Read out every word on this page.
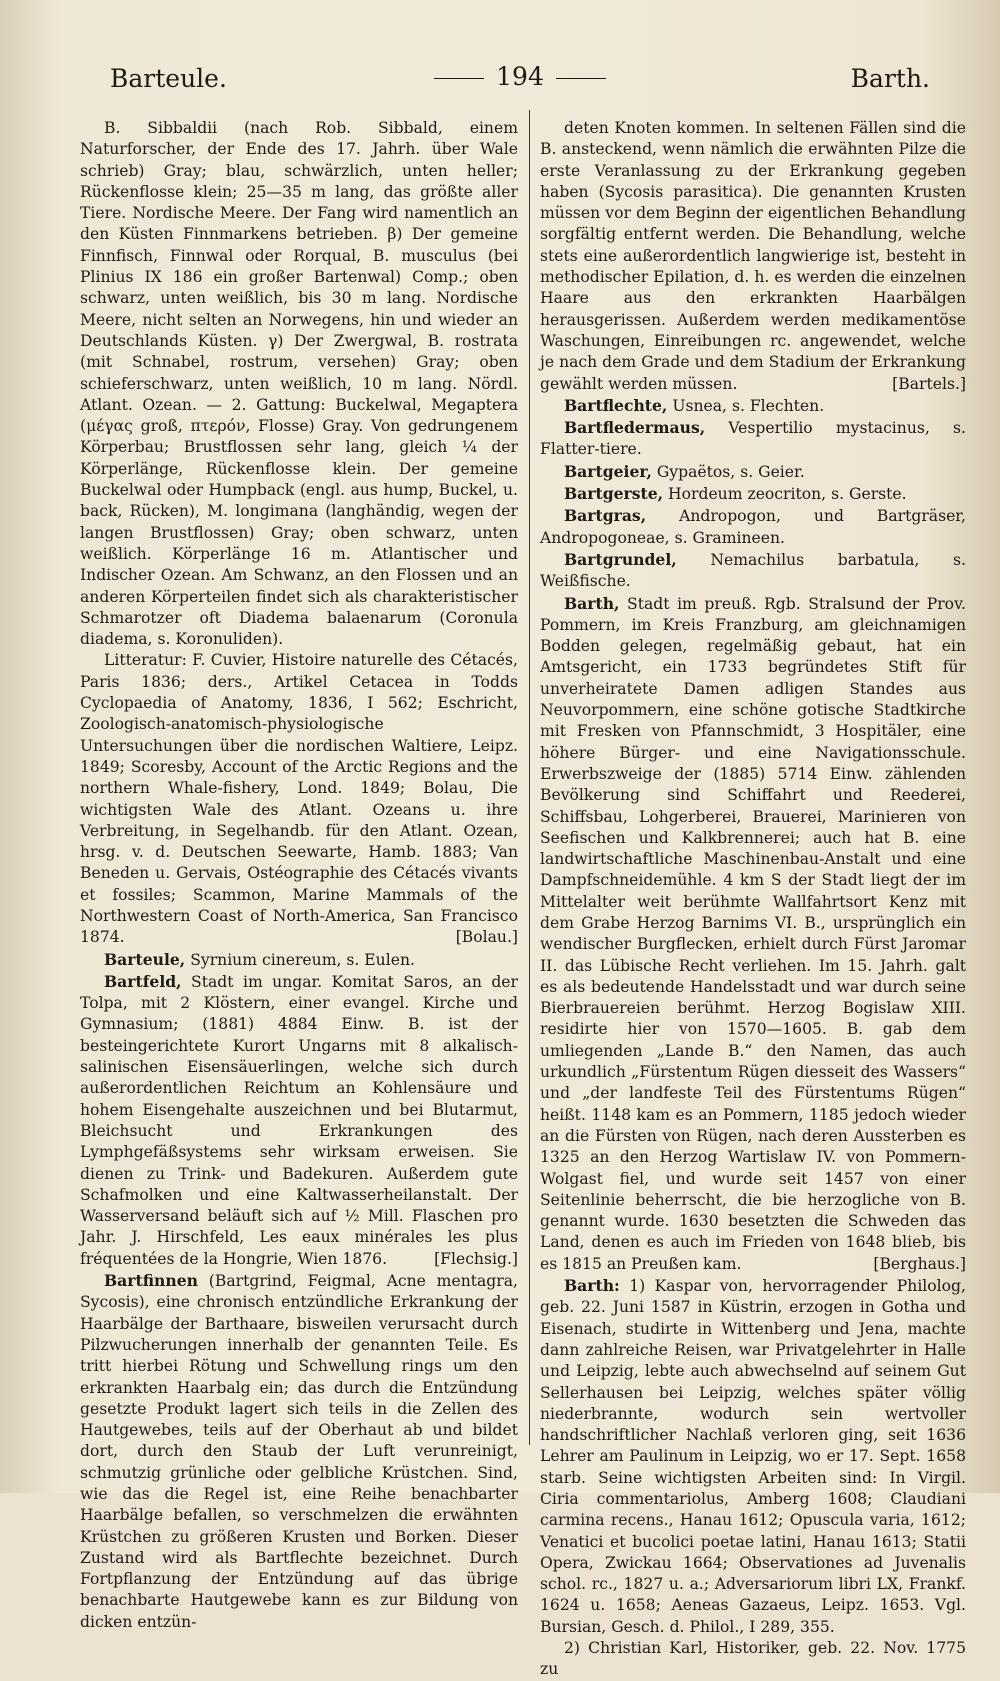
194
Barteule.	Barth.

B. Sibbaldii (nach Rob. Sibbald, einem Naturforscher, der Ende des 17. Jahrh. über Wale schrieb) Gray; blau, schwärzlich, unten heller; Rückenflosse klein; 25—35 m lang, das größte aller Tiere. Nordische Meere. Der Fang wird namentlich an den Küsten Finnmarkens betrieben. β) Der gemeine Finnfisch, Finnwal oder Rorqual, B. musculus (bei Plinius IX 186 ein großer Bartenwal) Comp.; oben schwarz, unten weißlich, bis 30 m lang. Nordische Meere, nicht selten an Norwegens, hin und wieder an Deutschlands Küsten. γ) Der Zwergwal, B. rostrata (mit Schnabel, rostrum, versehen) Gray; oben schieferschwarz, unten weißlich, 10 m lang. Nördl. Atlant. Ozean. — 2. Gattung: Buckelwal, Megaptera (μέγας groß, πτερόν, Flosse) Gray. Von gedrungenem Körperbau; Brustflossen sehr lang, gleich ¼ der Körperlänge, Rückenflosse klein. Der gemeine Buckelwal oder Humpback (engl. aus hump, Buckel, u. back, Rücken), M. longimana (langhändig, wegen der langen Brustflossen) Gray; oben schwarz, unten weißlich. Körperlänge 16 m. Atlantischer und Indischer Ozean. Am Schwanz, an den Flossen und an anderen Körperteilen findet sich als charakteristischer Schmarotzer oft Diadema balaenarum (Coronula diadema, s. Koronuliden).

Litteratur: F. Cuvier, Histoire naturelle des Cétacés, Paris 1836; ders., Artikel Cetacea in Todds Cyclopaedia of Anatomy, 1836, I 562; Eschricht, Zoologisch-anatomisch-physiologische Untersuchungen über die nordischen Waltiere, Leipz. 1849; Scoresby, Account of the Arctic Regions and the northern Whale-fishery, Lond. 1849; Bolau, Die wichtigsten Wale des Atlant. Ozeans u. ihre Verbreitung, in Segelhandb. für den Atlant. Ozean, hrsg. v. d. Deutschen Seewarte, Hamb. 1883; Van Beneden u. Gervais, Ostéographie des Cétacés vivants et fossiles; Scammon, Marine Mammals of the Northwestern Coast of North-America, San Francisco 1874.	[Bolau.]

Barteule, Syrnium cinereum, s. Eulen.

Bartfeld, Stadt im ungar. Komitat Saros, an der Tolpa, mit 2 Klöstern, einer evangel. Kirche und Gymnasium; (1881) 4884 Einw. B. ist der besteingerichtete Kurort Ungarns mit 8 alkalisch-salinischen Eisensäuerlingen, welche sich durch außerordentlichen Reichtum an Kohlensäure und hohem Eisengehalte auszeichnen und bei Blutarmut, Bleichsucht und Erkrankungen des Lymphgefäßsystems sehr wirksam erweisen. Sie dienen zu Trink- und Badekuren. Außerdem gute Schafmolken und eine Kaltwasserheilanstalt. Der Wasserversand beläuft sich auf ½ Mill. Flaschen pro Jahr. J. Hirschfeld, Les eaux minérales les plus fréquentées de la Hongrie, Wien 1876.	[Flechsig.]

Bartfinnen (Bartgrind, Feigmal, Acne mentagra, Sycosis), eine chronisch entzündliche Erkrankung der Haarbälge der Barthaare, bisweilen verursacht durch Pilzwucherungen innerhalb der genannten Teile. Es tritt hierbei Rötung und Schwellung rings um den erkrankten Haarbalg ein; das durch die Entzündung gesetzte Produkt lagert sich teils in die Zellen des Hautgewebes, teils auf der Oberhaut ab und bildet dort, durch den Staub der Luft verunreinigt, schmutzig grünliche oder gelbliche Krüstchen. Sind, wie das die Regel ist, eine Reihe benachbarter Haarbälge befallen, so verschmelzen die erwähnten Krüstchen zu größeren Krusten und Borken. Dieser Zustand wird als Bartflechte bezeichnet. Durch Fortpflanzung der Entzündung auf das übrige benachbarte Hautgewebe kann es zur Bildung von dicken entzün-

deten Knoten kommen. In seltenen Fällen sind die B. ansteckend, wenn nämlich die erwähnten Pilze die erste Veranlassung zu der Erkrankung gegeben haben (Sycosis parasitica). Die genannten Krusten müssen vor dem Beginn der eigentlichen Behandlung sorgfältig entfernt werden. Die Behandlung, welche stets eine außerordentlich langwierige ist, besteht in methodischer Epilation, d. h. es werden die einzelnen Haare aus den erkrankten Haarbälgen herausgerissen. Außerdem werden medikamentöse Waschungen, Einreibungen rc. angewendet, welche je nach dem Grade und dem Stadium der Erkrankung gewählt werden müssen.	[Bartels.]

Bartflechte, Usnea, s. Flechten.

Bartfledermaus, Vespertilio mystacinus, s. Flatter-tiere.

Bartgeier, Gypaëtos, s. Geier.

Bartgerste, Hordeum zeocriton, s. Gerste.

Bartgras, Andropogon, und Bartgräser, Andropogoneae, s. Gramineen.

Bartgrundel, Nemachilus barbatula, s. Weißfische.

Barth, Stadt im preuß. Rgb. Stralsund der Prov. Pommern, im Kreis Franzburg, am gleichnamigen Bodden gelegen, regelmäßig gebaut, hat ein Amtsgericht, ein 1733 begründetes Stift für unverheiratete Damen adligen Standes aus Neuvorpommern, eine schöne gotische Stadtkirche mit Fresken von Pfannschmidt, 3 Hospitäler, eine höhere Bürger- und eine Navigationsschule. Erwerbszweige der (1885) 5714 Einw. zählenden Bevölkerung sind Schiffahrt und Reederei, Schiffsbau, Lohgerberei, Brauerei, Marinieren von Seefischen und Kalkbrennerei; auch hat B. eine landwirtschaftliche Maschinenbau-Anstalt und eine Dampfschneidemühle. 4 km S der Stadt liegt der im Mittelalter weit berühmte Wallfahrtsort Kenz mit dem Grabe Herzog Barnims VI. B., ursprünglich ein wendischer Burgflecken, erhielt durch Fürst Jaromar II. das Lübische Recht verliehen. Im 15. Jahrh. galt es als bedeutende Handelsstadt und war durch seine Bierbrauereien berühmt. Herzog Bogislaw XIII. residirte hier von 1570—1605. B. gab dem umliegenden „Lande B.“ den Namen, das auch urkundlich „Fürstentum Rügen diesseit des Wassers“ und „der landfeste Teil des Fürstentums Rügen“ heißt. 1148 kam es an Pommern, 1185 jedoch wieder an die Fürsten von Rügen, nach deren Aussterben es 1325 an den Herzog Wartislaw IV. von Pommern-Wolgast fiel, und wurde seit 1457 von einer Seitenlinie beherrscht, die bie herzogliche von B. genannt wurde. 1630 besetzten die Schweden das Land, denen es auch im Frieden von 1648 blieb, bis es 1815 an Preußen kam.	[Berghaus.]

Barth: 1) Kaspar von, hervorragender Philolog, geb. 22. Juni 1587 in Küstrin, erzogen in Gotha und Eisenach, studirte in Wittenberg und Jena, machte dann zahlreiche Reisen, war Privatgelehrter in Halle und Leipzig, lebte auch abwechselnd auf seinem Gut Sellerhausen bei Leipzig, welches später völlig niederbrannte, wodurch sein wertvoller handschriftlicher Nachlaß verloren ging, seit 1636 Lehrer am Paulinum in Leipzig, wo er 17. Sept. 1658 starb. Seine wichtigsten Arbeiten sind: In Virgil. Ciria commentariolus, Amberg 1608; Claudiani carmina recens., Hanau 1612; Opuscula varia, 1612; Venatici et bucolici poetae latini, Hanau 1613; Statii Opera, Zwickau 1664; Observationes ad Juvenalis schol. rc., 1827 u. a.; Adversariorum libri LX, Frankf. 1624 u. 1658; Aeneas Gazaeus, Leipz. 1653. Vgl. Bursian, Gesch. d. Philol., I 289, 355.

2) Christian Karl, Historiker, geb. 22. Nov. 1775 zu
